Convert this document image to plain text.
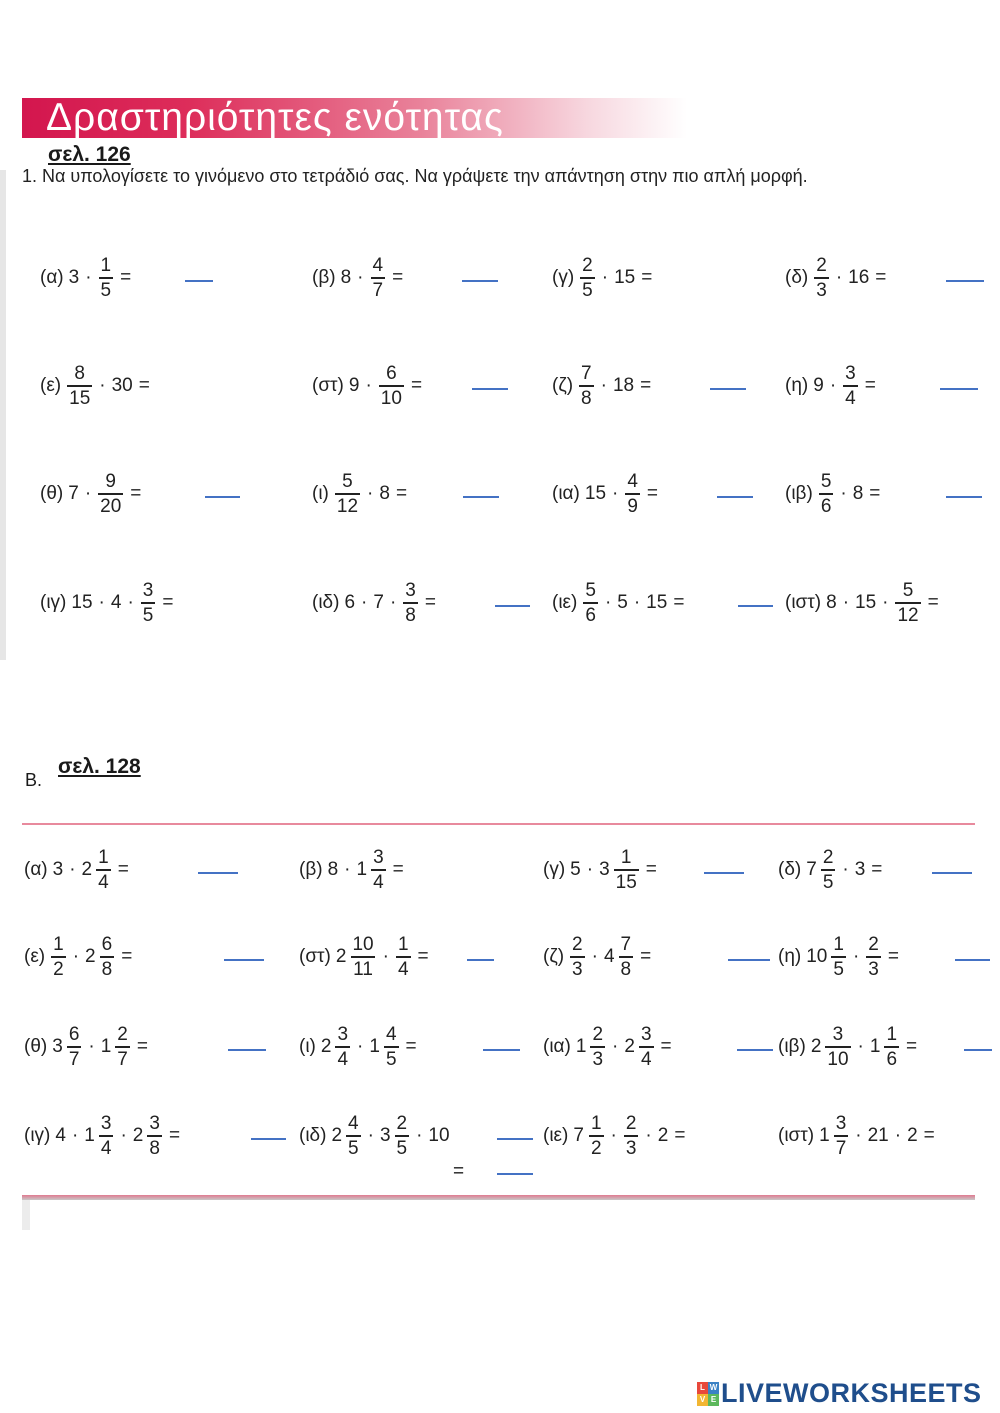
Δραστηριότητες ενότητας
σελ. 126
1. Να υπολογίσετε το γινόμενο στο τετράδιό σας. Να γράψετε την απάντηση στην πιο απλή μορφή.
(α) $3 \cdot \frac{1}{5}$ =	(β) $8 \cdot \frac{4}{7}$ =	$(\gamma) \frac{2}{5} \cdot 15$ =	$(\delta) \frac{2}{3} \cdot 16$ =
$(\varepsilon) \frac{8}{15} \cdot 30$ =	(στ) $9 \cdot \frac{6}{10}$ =	$(\zeta) \frac{7}{8} \cdot 18$ =	(η) $9 \cdot \frac{3}{4}$ =
(θ) $7 \cdot \frac{9}{20}$ =	$(\iota) \frac{5}{12} \cdot 8$ =	(ια) $15 \cdot \frac{4}{9}$ =	$(\iota\beta) \frac{5}{6} \cdot 8$ =
(ιγ) $15 \cdot 4 \cdot \frac{3}{5}$ =	(ιδ) $6 \cdot 7 \cdot \frac{3}{8}$ =	$(\iota\varepsilon) \frac{5}{6} \cdot 5 \cdot 15$ =	(ιστ) $8 \cdot 15 \cdot \frac{5}{12}$ =
Β.
σελ. 128
(α) $3 \cdot 2 \frac{1}{4}$ =	(β) $8 \cdot 1 \frac{3}{4}$ =	(γ) $5 \cdot 3 \frac{1}{15}$ =	(δ) $7 \frac{2}{5} \cdot 3$ =
$(\varepsilon) \frac{1}{2} \cdot 2 \frac{6}{8}$ =	(στ) $2 \frac{10}{11} \cdot \frac{1}{4}$ =	$(\zeta) \frac{2}{3} \cdot 4 \frac{7}{8}$ =	(η) $10 \frac{1}{5} \cdot \frac{2}{3}$ =
(θ) $3 \frac{6}{7} \cdot 1 \frac{2}{7}$ =	(ι) $2 \frac{3}{4} \cdot 1 \frac{4}{5}$ =	(ια) $1 \frac{2}{3} \cdot 2 \frac{3}{4}$ =	(ιβ) $2 \frac{3}{10} \cdot 1 \frac{1}{6}$ =
(ιγ) $4 \cdot 1 \frac{3}{4} \cdot 2 \frac{3}{8}$ =	(ιδ) $2 \frac{4}{5} \cdot 3 \frac{2}{5} \cdot 10$	(ιε) $7 \frac{1}{2} \cdot \frac{2}{3} \cdot 2$ =	(ιστ) $1 \frac{3}{7} \cdot 21 \cdot 2$ =
=
L W
V E LIVEWORKSHEETS
